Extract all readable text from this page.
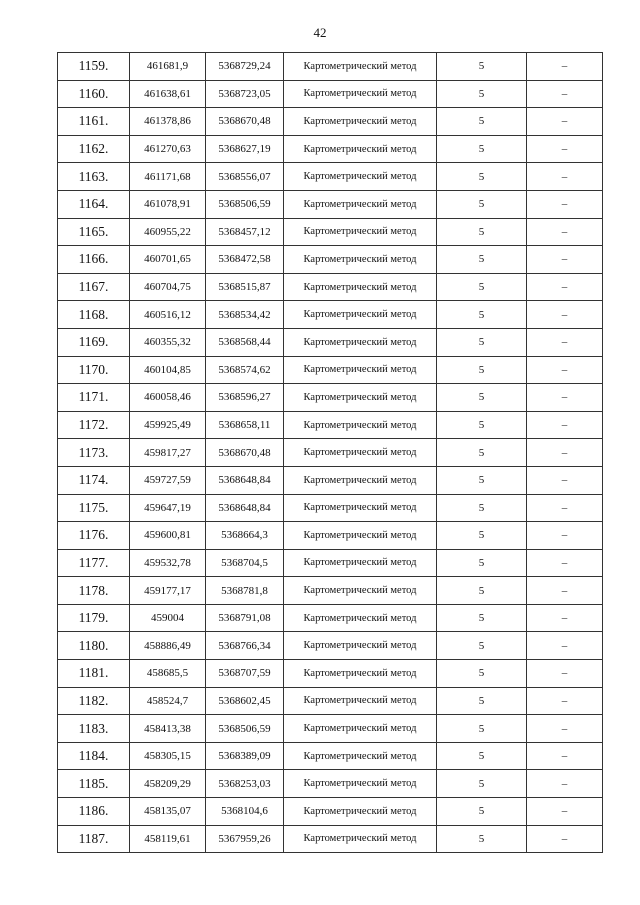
42
1159.	461681,9	5368729,24	Картометрический метод	5	–
1160.	461638,61	5368723,05	Картометрический метод	5	–
1161.	461378,86	5368670,48	Картометрический метод	5	–
1162.	461270,63	5368627,19	Картометрический метод	5	–
1163.	461171,68	5368556,07	Картометрический метод	5	–
1164.	461078,91	5368506,59	Картометрический метод	5	–
1165.	460955,22	5368457,12	Картометрический метод	5	–
1166.	460701,65	5368472,58	Картометрический метод	5	–
1167.	460704,75	5368515,87	Картометрический метод	5	–
1168.	460516,12	5368534,42	Картометрический метод	5	–
1169.	460355,32	5368568,44	Картометрический метод	5	–
1170.	460104,85	5368574,62	Картометрический метод	5	–
1171.	460058,46	5368596,27	Картометрический метод	5	–
1172.	459925,49	5368658,11	Картометрический метод	5	–
1173.	459817,27	5368670,48	Картометрический метод	5	–
1174.	459727,59	5368648,84	Картометрический метод	5	–
1175.	459647,19	5368648,84	Картометрический метод	5	–
1176.	459600,81	5368664,3	Картометрический метод	5	–
1177.	459532,78	5368704,5	Картометрический метод	5	–
1178.	459177,17	5368781,8	Картометрический метод	5	–
1179.	459004	5368791,08	Картометрический метод	5	–
1180.	458886,49	5368766,34	Картометрический метод	5	–
1181.	458685,5	5368707,59	Картометрический метод	5	–
1182.	458524,7	5368602,45	Картометрический метод	5	–
1183.	458413,38	5368506,59	Картометрический метод	5	–
1184.	458305,15	5368389,09	Картометрический метод	5	–
1185.	458209,29	5368253,03	Картометрический метод	5	–
1186.	458135,07	5368104,6	Картометрический метод	5	–
1187.	458119,61	5367959,26	Картометрический метод	5	–
